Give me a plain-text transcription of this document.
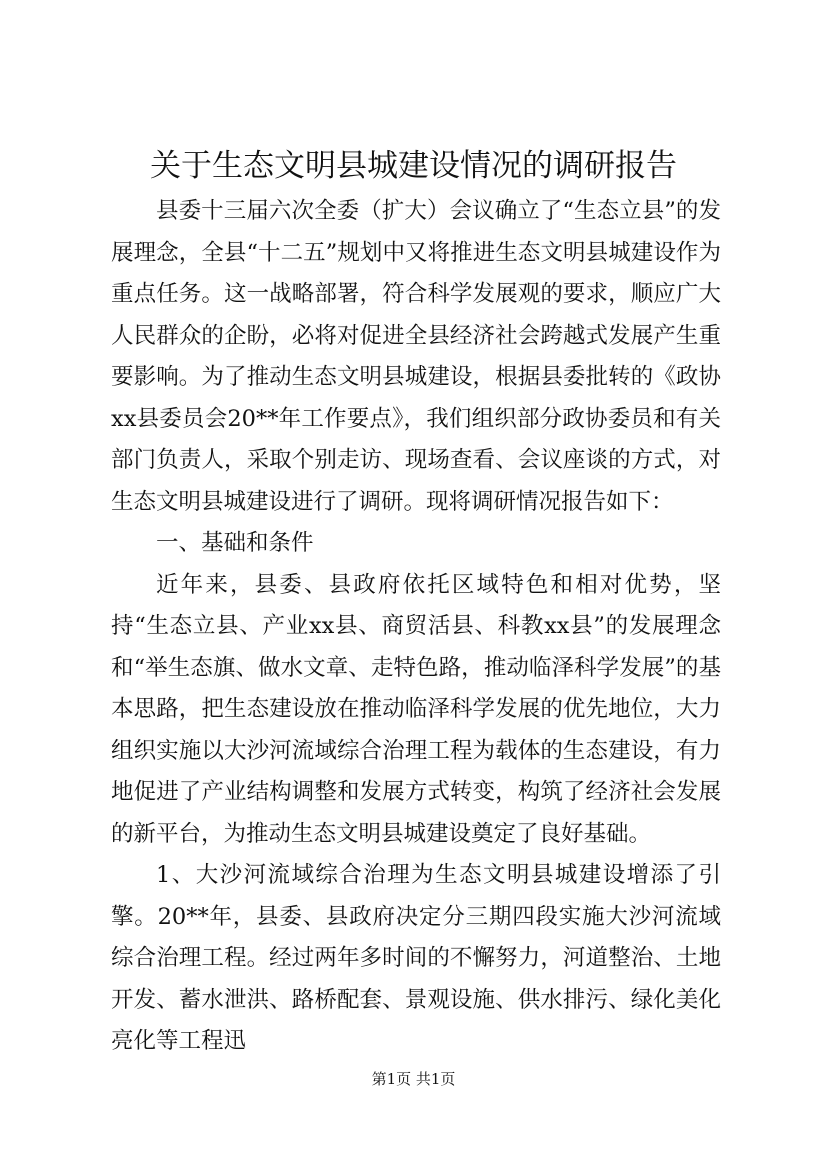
关于生态文明县城建设情况的调研报告

县委十三届六次全委（扩大）会议确立了“生态立县”的发展理念，全县“十二五”规划中又将推进生态文明县城建设作为重点任务。这一战略部署，符合科学发展观的要求，顺应广大人民群众的企盼，必将对促进全县经济社会跨越式发展产生重要影响。为了推动生态文明县城建设，根据县委批转的《政协xx县委员会20**年工作要点》，我们组织部分政协委员和有关部门负责人，采取个别走访、现场查看、会议座谈的方式，对生态文明县城建设进行了调研。现将调研情况报告如下：

一、基础和条件

近年来，县委、县政府依托区域特色和相对优势，坚持“生态立县、产业xx县、商贸活县、科教xx县”的发展理念和“举生态旗、做水文章、走特色路，推动临泽科学发展”的基本思路，把生态建设放在推动临泽科学发展的优先地位，大力组织实施以大沙河流域综合治理工程为载体的生态建设，有力地促进了产业结构调整和发展方式转变，构筑了经济社会发展的新平台，为推动生态文明县城建设奠定了良好基础。

1、大沙河流域综合治理为生态文明县城建设增添了引擎。20**年，县委、县政府决定分三期四段实施大沙河流域综合治理工程。经过两年多时间的不懈努力，河道整治、土地开发、蓄水泄洪、路桥配套、景观设施、供水排污、绿化美化亮化等工程迅

第1页 共1页
